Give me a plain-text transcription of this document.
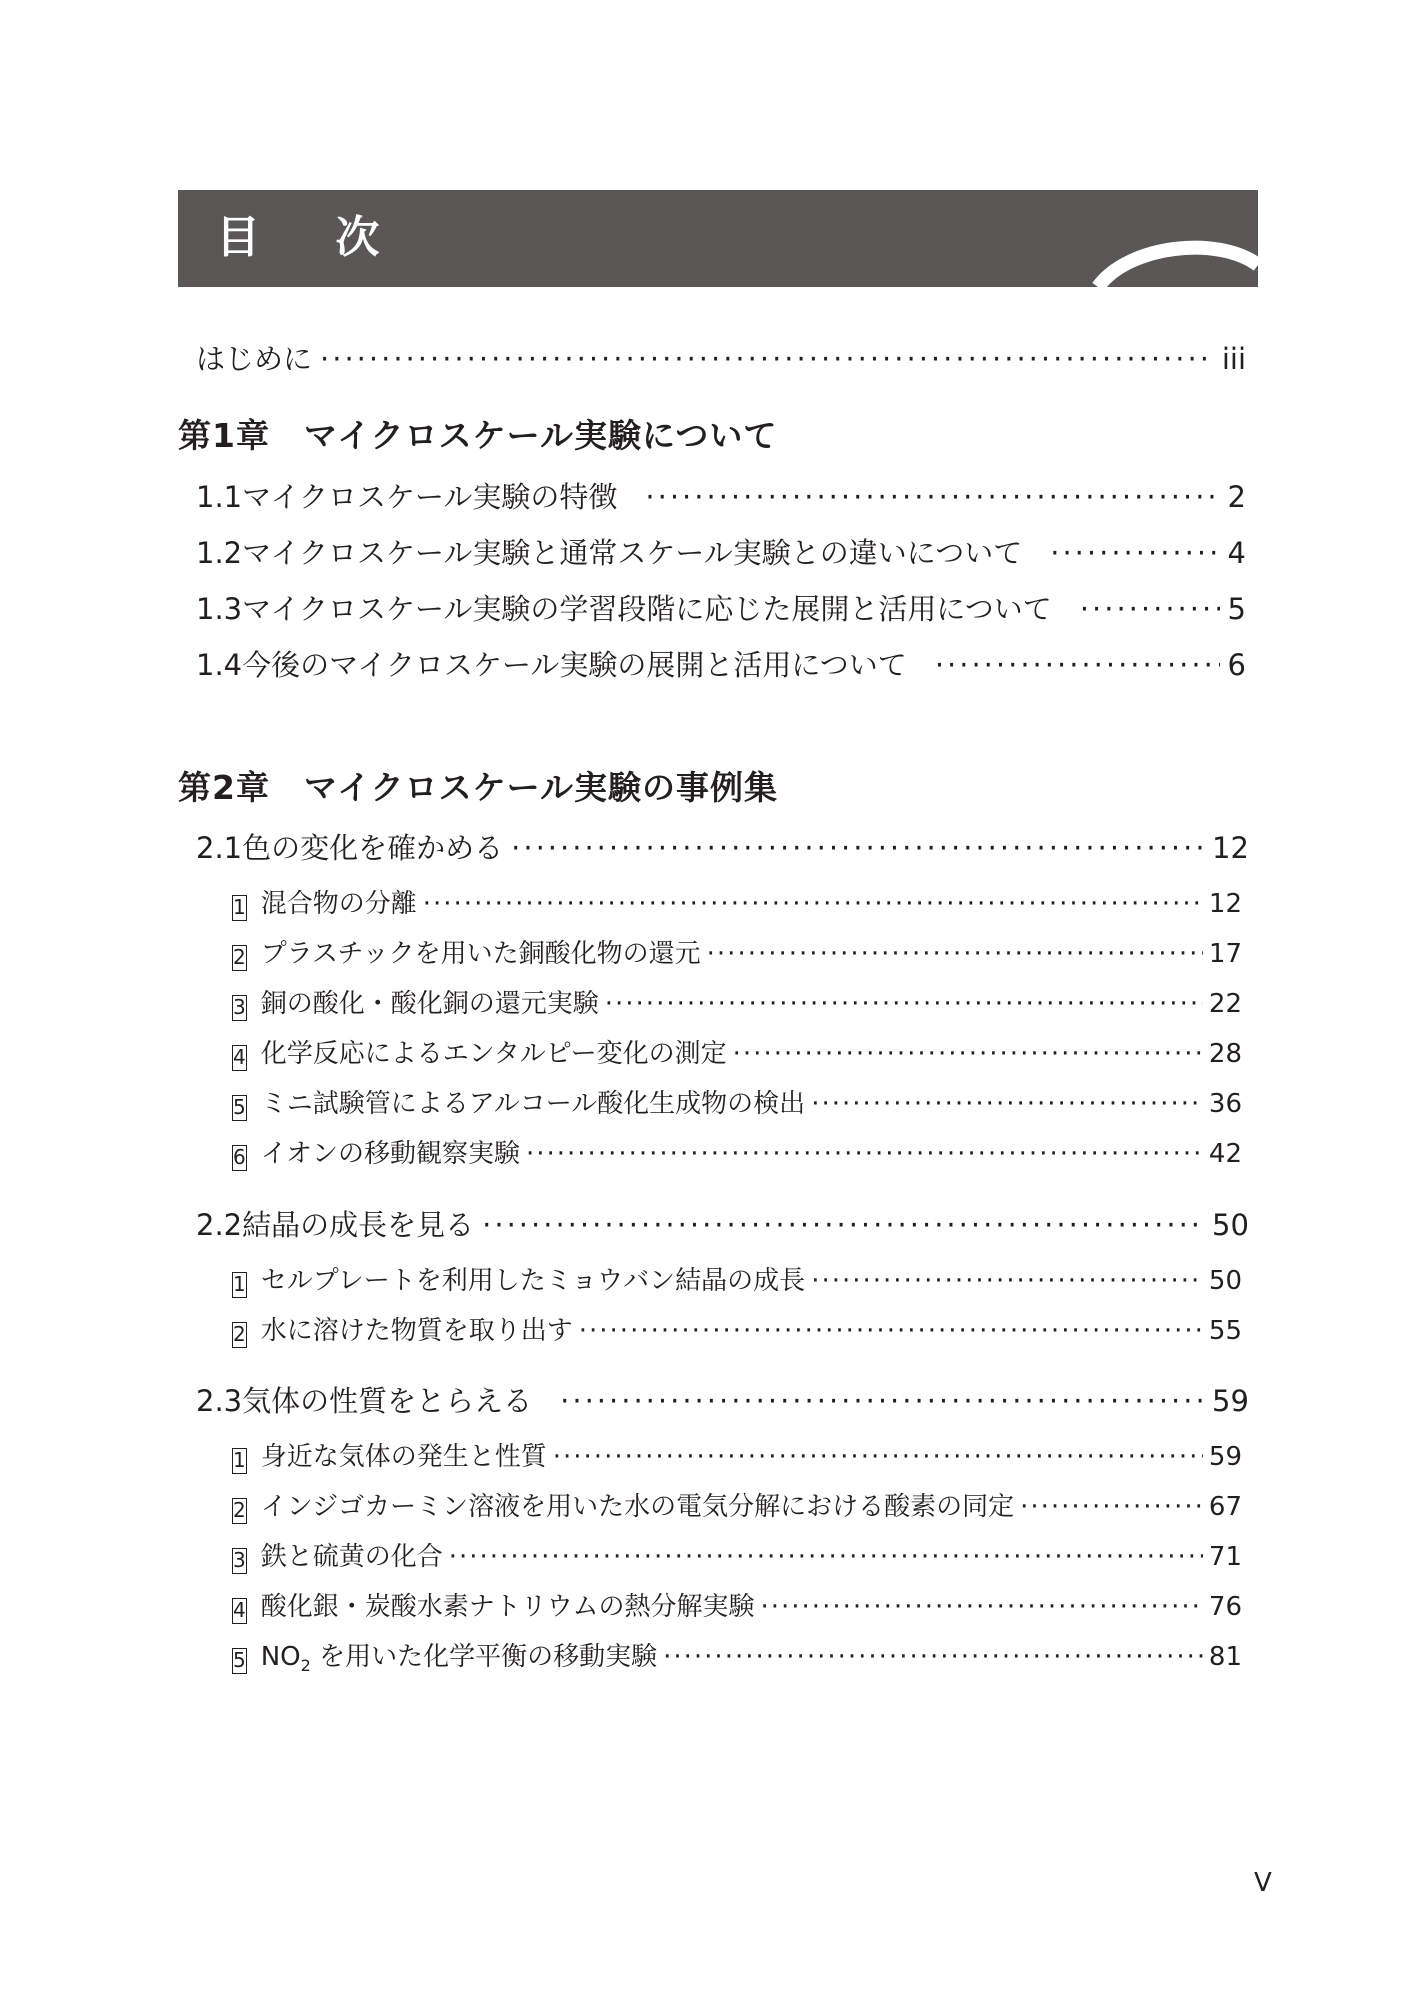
目 次
はじめに ·····	iii
第1章 マイクロスケール実験について
1.1 マイクロスケール実験の特徴 ·····	2
1.2 マイクロスケール実験と通常スケール実験との違いについて ·····	4
1.3 マイクロスケール実験の学習段階に応じた展開と活用について ·····	5
1.4 今後のマイクロスケール実験の展開と活用について ·····	6
第2章 マイクロスケール実験の事例集
2.1 色の変化を確かめる ·····	12
1 混合物の分離 ·····	12
2 プラスチックを用いた銅酸化物の還元 ·····	17
3 銅の酸化・酸化銅の還元実験 ·····	22
4 化学反応によるエンタルピー変化の測定 ·····	28
5 ミニ試験管によるアルコール酸化生成物の検出 ·····	36
6 イオンの移動観察実験 ·····	42
2.2 結晶の成長を見る ·····	50
1 セルプレートを利用したミョウバン結晶の成長 ·····	50
2 水に溶けた物質を取り出す ·····	55
2.3 気体の性質をとらえる ·····	59
1 身近な気体の発生と性質 ·····	59
2 インジゴカーミン溶液を用いた水の電気分解における酸素の同定 ·····	67
3 鉄と硫黄の化合 ·····	71
4 酸化銀・炭酸水素ナトリウムの熱分解実験 ·····	76
5 $NO_2$ を用いた化学平衡の移動実験 ·····	81
V
